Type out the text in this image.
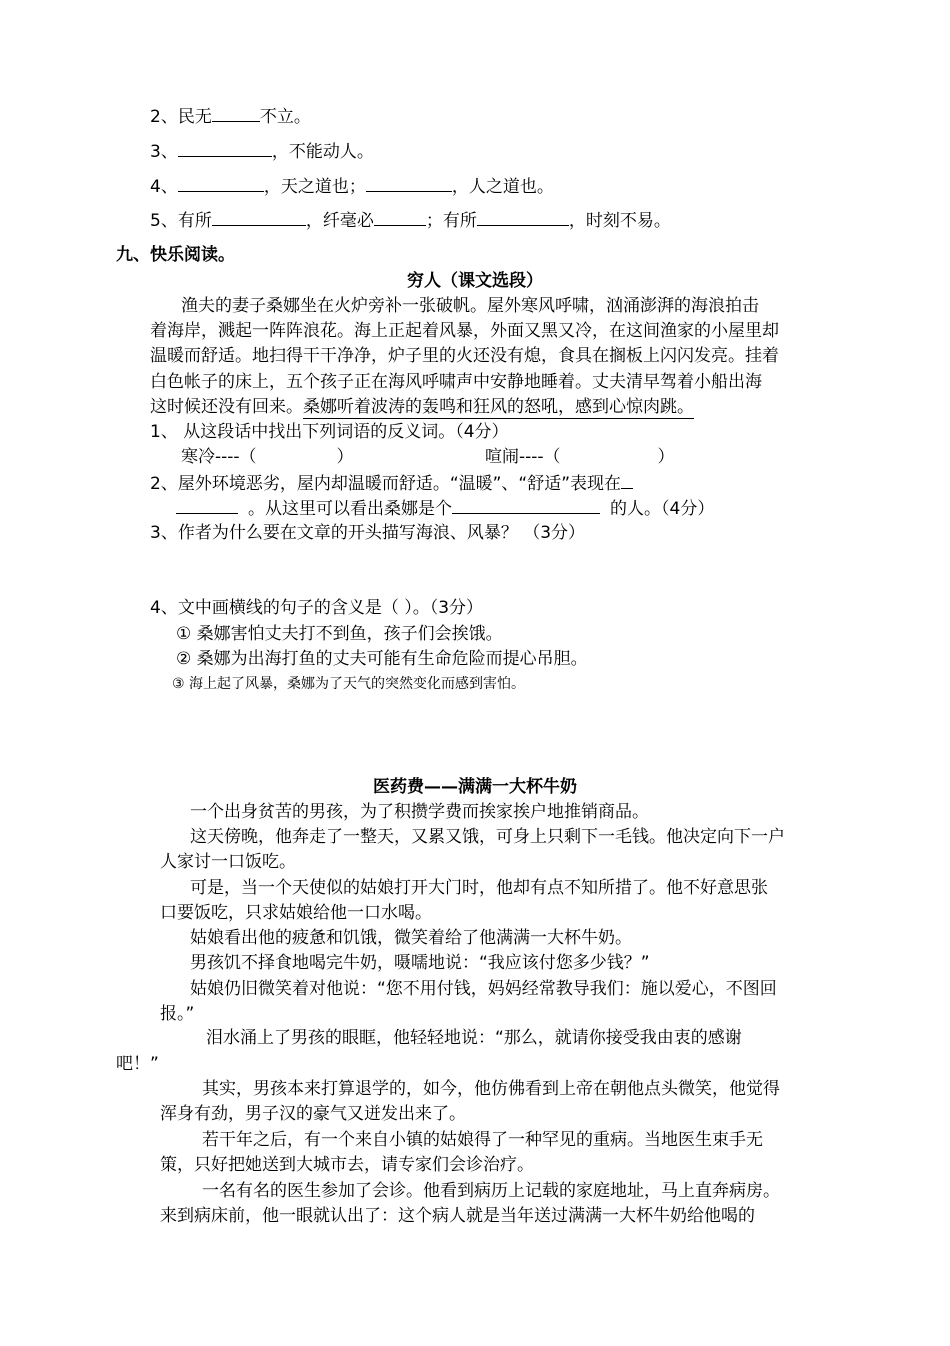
2、民无	不立。
3、	，不能动人。
4、	，天之道也；	，人之道也。
5、有所	，纤毫必	；有所	，时刻不易。
九、快乐阅读。
穷人（课文选段）
渔夫的妻子桑娜坐在火炉旁补一张破帆。屋外寒风呼啸，汹涌澎湃的海浪拍击
着海岸，溅起一阵阵浪花。海上正起着风暴，外面又黑又冷，在这间渔家的小屋里却
温暖而舒适。地扫得干干净净，炉子里的火还没有熄，食具在搁板上闪闪发亮。挂着
白色帐子的床上，五个孩子正在海风呼啸声中安静地睡着。丈夫清早驾着小船出海
这时候还没有回来。桑娜听着波涛的轰鸣和狂风的怒吼，感到心惊肉跳。
1、 从这段话中找出下列词语的反义词。（4分）
寒冷----（	）	喧闹----（	）
2、屋外环境恶劣，屋内却温暖而舒适。“温暖”、“舒适”表现在
。从这里可以看出桑娜是个	的人。（4分）
3、作者为什么要在文章的开头描写海浪、风暴？ （3分）
4、文中画横线的句子的含义是（ ）。（3分）
① 桑娜害怕丈夫打不到鱼，孩子们会挨饿。
② 桑娜为出海打鱼的丈夫可能有生命危险而提心吊胆。
③ 海上起了风暴，桑娜为了天气的突然变化而感到害怕。
医药费——满满一大杯牛奶
一个出身贫苦的男孩，为了积攒学费而挨家挨户地推销商品。
这天傍晚，他奔走了一整天，又累又饿，可身上只剩下一毛钱。他决定向下一户
人家讨一口饭吃。
可是，当一个天使似的姑娘打开大门时，他却有点不知所措了。他不好意思张
口要饭吃，只求姑娘给他一口水喝。
姑娘看出他的疲惫和饥饿，微笑着给了他满满一大杯牛奶。
男孩饥不择食地喝完牛奶，嗫嚅地说：“我应该付您多少钱？”
姑娘仍旧微笑着对他说：“您不用付钱，妈妈经常教导我们：施以爱心，不图回
报。”
泪水涌上了男孩的眼眶，他轻轻地说：“那么，就请你接受我由衷的感谢
吧！”
其实，男孩本来打算退学的，如今，他仿佛看到上帝在朝他点头微笑，他觉得
浑身有劲，男子汉的豪气又迸发出来了。
若干年之后，有一个来自小镇的姑娘得了一种罕见的重病。当地医生束手无
策，只好把她送到大城市去，请专家们会诊治疗。
一名有名的医生参加了会诊。他看到病历上记载的家庭地址，马上直奔病房。
来到病床前，他一眼就认出了：这个病人就是当年送过满满一大杯牛奶给他喝的
